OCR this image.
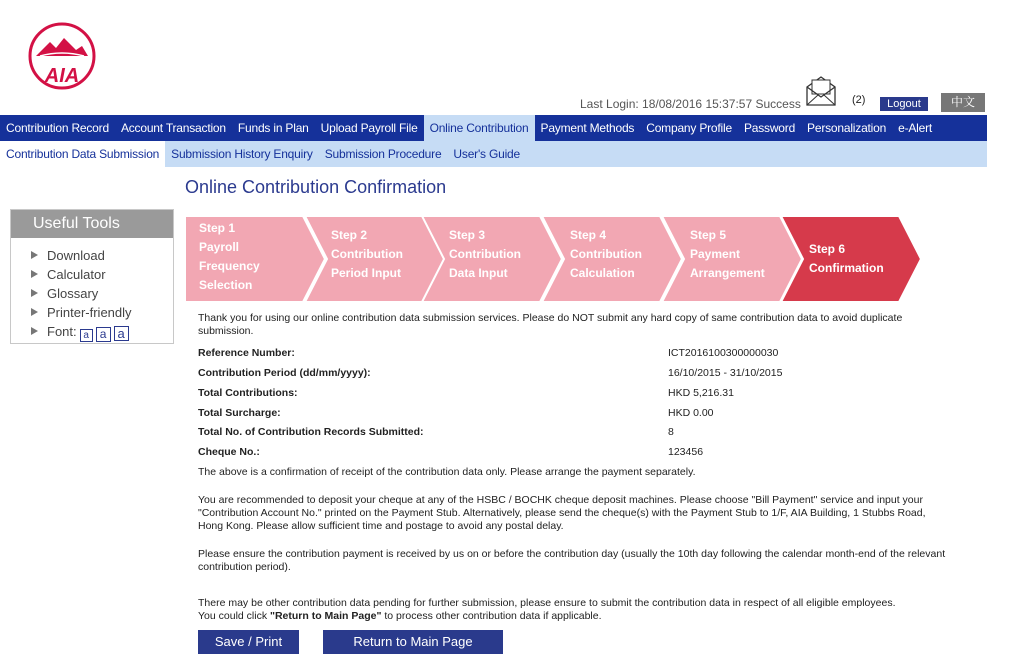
AIA
Last Login: 18/08/2016 15:37:57 Success	(2)	Logout	中文
Contribution Record	Account Transaction	Funds in Plan	Upload Payroll File	Online Contribution	Payment Methods	Company Profile	Password	Personalization	e-Alert
Contribution Data Submission	Submission History Enquiry	Submission Procedure	User's Guide
Online Contribution Confirmation
Useful Tools
Download
Calculator
Glossary
Printer-friendly
Font: a a a
Step 1
Payroll
Frequency
Selection
Step 2
Contribution
Period Input
Step 3
Contribution
Data Input
Step 4
Contribution
Calculation
Step 5
Payment
Arrangement
Step 6
Confirmation
Thank you for using our online contribution data submission services. Please do NOT submit any hard copy of same contribution data to avoid duplicate submission.
Reference Number:	ICT2016100300000030
Contribution Period (dd/mm/yyyy):	16/10/2015 - 31/10/2015
Total Contributions:	HKD 5,216.31
Total Surcharge:	HKD 0.00
Total No. of Contribution Records Submitted:	8
Cheque No.:	123456
The above is a confirmation of receipt of the contribution data only. Please arrange the payment separately.
You are recommended to deposit your cheque at any of the HSBC / BOCHK cheque deposit machines. Please choose "Bill Payment" service and input your "Contribution Account No." printed on the Payment Stub. Alternatively, please send the cheque(s) with the Payment Stub to 1/F, AIA Building, 1 Stubbs Road, Hong Kong. Please allow sufficient time and postage to avoid any postal delay.
Please ensure the contribution payment is received by us on or before the contribution day (usually the 10th day following the calendar month-end of the relevant contribution period).
There may be other contribution data pending for further submission, please ensure to submit the contribution data in respect of all eligible employees.
You could click "Return to Main Page" to process other contribution data if applicable.
Save / Print	Return to Main Page
